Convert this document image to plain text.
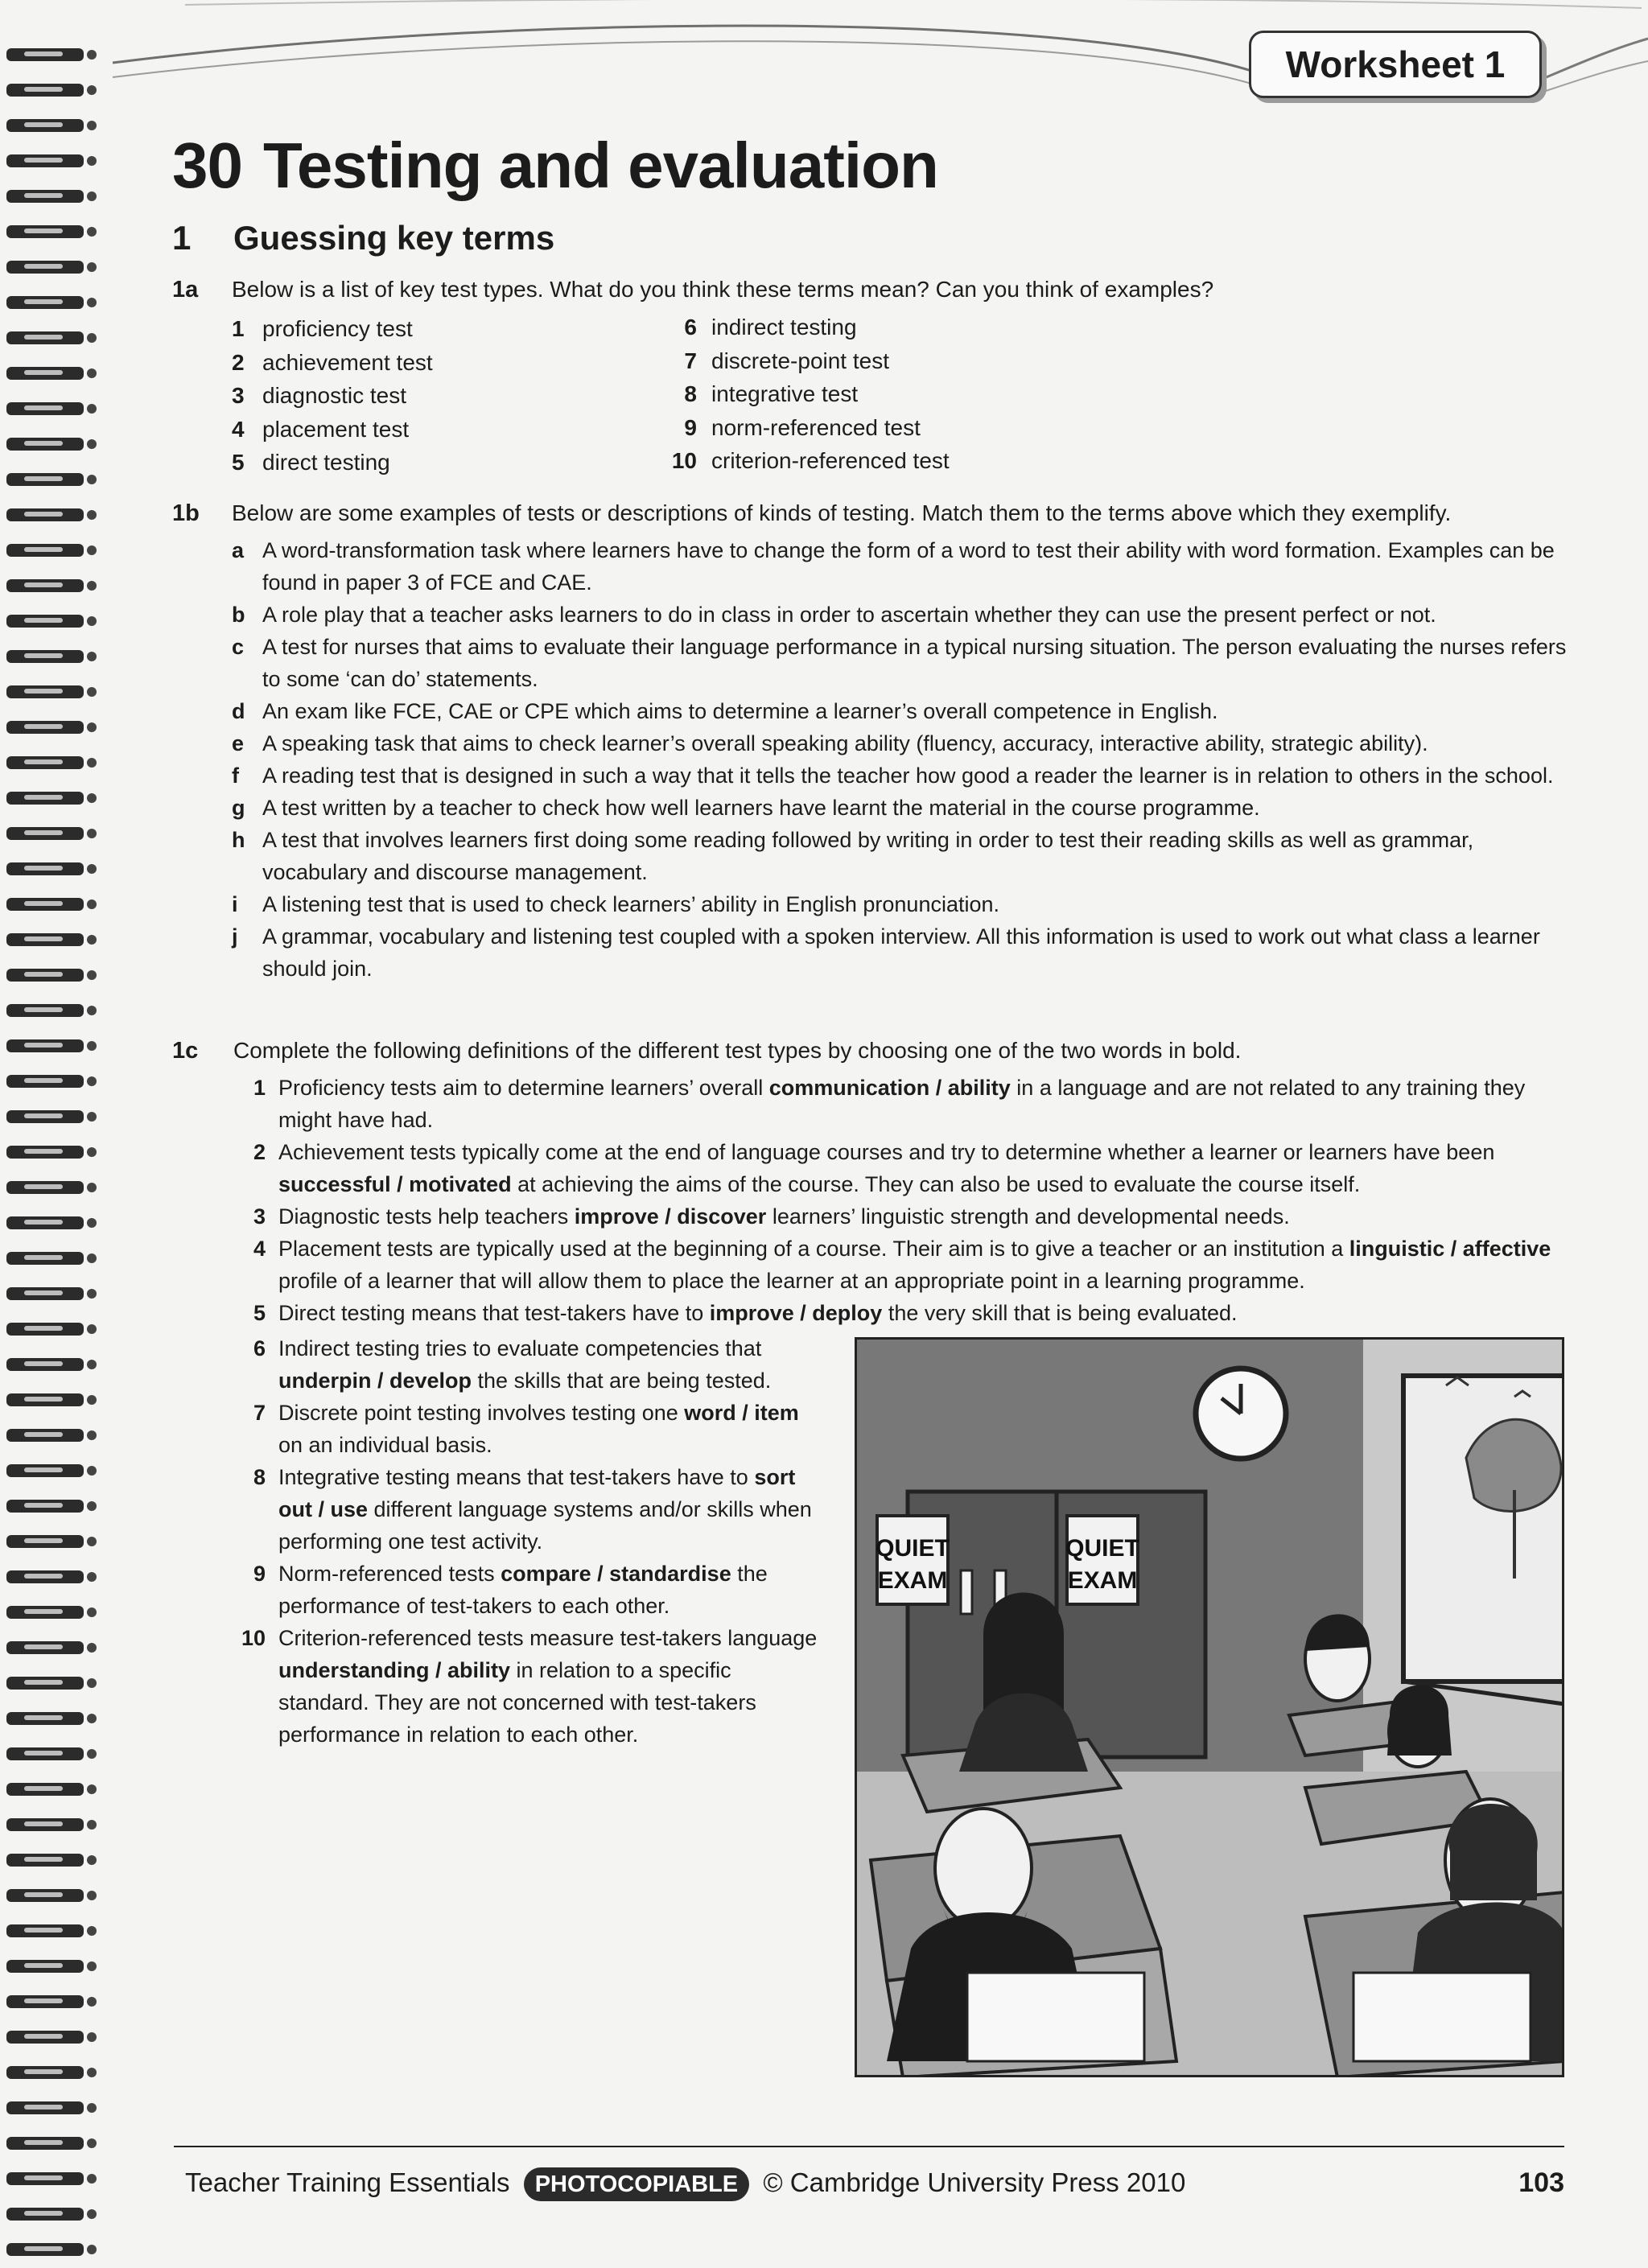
Worksheet 1
30 Testing and evaluation
1 Guessing key terms
1a Below is a list of key test types. What do you think these terms mean? Can you think of examples?
1 proficiency test
2 achievement test
3 diagnostic test
4 placement test
5 direct testing
6 indirect testing
7 discrete-point test
8 integrative test
9 norm-referenced test
10 criterion-referenced test
1b Below are some examples of tests or descriptions of kinds of testing. Match them to the terms above which they exemplify.
a A word-transformation task where learners have to change the form of a word to test their ability with word formation. Examples can be found in paper 3 of FCE and CAE.
b A role play that a teacher asks learners to do in class in order to ascertain whether they can use the present perfect or not.
c A test for nurses that aims to evaluate their language performance in a typical nursing situation. The person evaluating the nurses refers to some ‘can do’ statements.
d An exam like FCE, CAE or CPE which aims to determine a learner’s overall competence in English.
e A speaking task that aims to check learner’s overall speaking ability (fluency, accuracy, interactive ability, strategic ability).
f A reading test that is designed in such a way that it tells the teacher how good a reader the learner is in relation to others in the school.
g A test written by a teacher to check how well learners have learnt the material in the course programme.
h A test that involves learners first doing some reading followed by writing in order to test their reading skills as well as grammar, vocabulary and discourse management.
i A listening test that is used to check learners’ ability in English pronunciation.
j A grammar, vocabulary and listening test coupled with a spoken interview. All this information is used to work out what class a learner should join.
1c Complete the following definitions of the different test types by choosing one of the two words in bold.
1 Proficiency tests aim to determine learners’ overall communication / ability in a language and are not related to any training they might have had.
2 Achievement tests typically come at the end of language courses and try to determine whether a learner or learners have been successful / motivated at achieving the aims of the course. They can also be used to evaluate the course itself.
3 Diagnostic tests help teachers improve / discover learners’ linguistic strength and developmental needs.
4 Placement tests are typically used at the beginning of a course. Their aim is to give a teacher or an institution a linguistic / affective profile of a learner that will allow them to place the learner at an appropriate point in a learning programme.
5 Direct testing means that test-takers have to improve / deploy the very skill that is being evaluated.
6 Indirect testing tries to evaluate competencies that underpin / develop the skills that are being tested.
7 Discrete point testing involves testing one word / item on an individual basis.
8 Integrative testing means that test-takers have to sort out / use different language systems and/or skills when performing one test activity.
9 Norm-referenced tests compare / standardise the performance of test-takers to each other.
10 Criterion-referenced tests measure test-takers language understanding / ability in relation to a specific standard. They are not concerned with test-takers performance in relation to each other.
QUIET
EXAM
QUIET
EXAM
Teacher Training Essentials PHOTOCOPIABLE © Cambridge University Press 2010	103
